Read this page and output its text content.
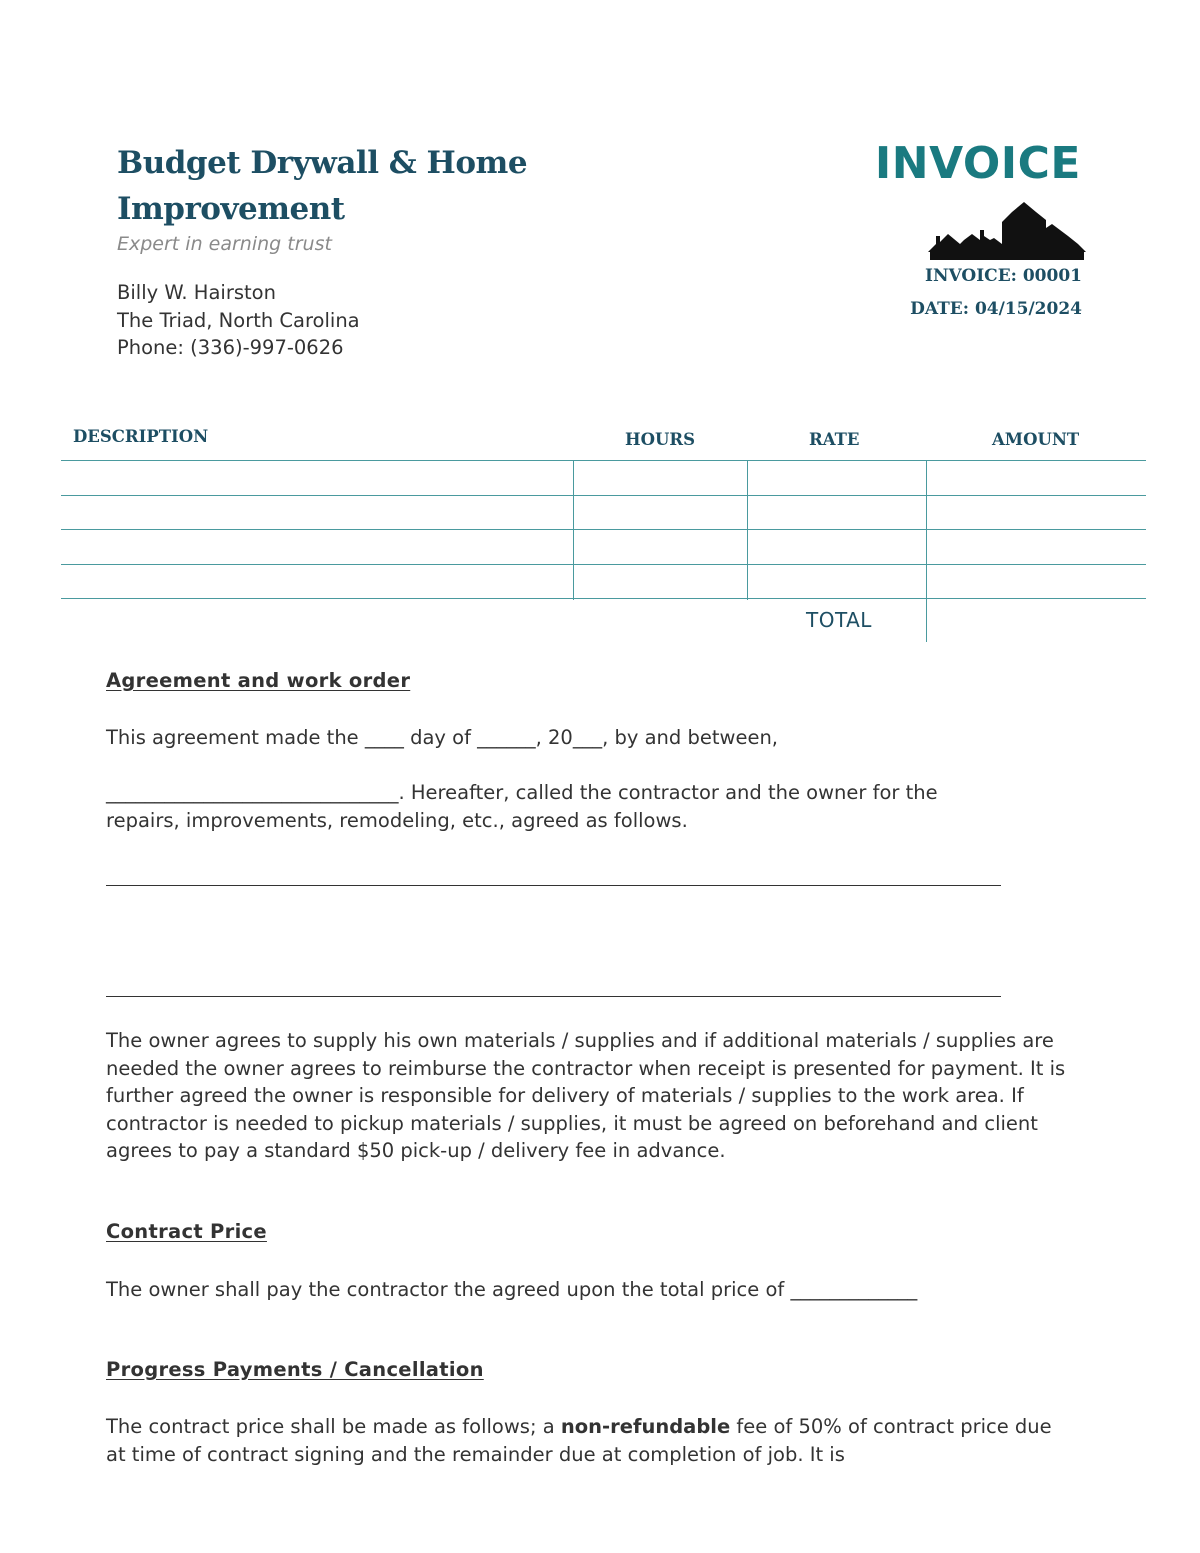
Budget Drywall & Home Improvement
Expert in earning trust
Billy W. Hairston
The Triad, North Carolina
Phone: (336)-997-0626
INVOICE
INVOICE: 00001
DATE: 04/15/2024
DESCRIPTION	HOURS	RATE	AMOUNT
TOTAL
Agreement and work order
This agreement made the ____ day of ______, 20___, by and between,
______________________________. Hereafter, called the contractor and the owner for the
repairs, improvements, remodeling, etc., agreed as follows.
The owner agrees to supply his own materials / supplies and if additional materials / supplies are needed the owner agrees to reimburse the contractor when receipt is presented for payment. It is further agreed the owner is responsible for delivery of materials / supplies to the work area. If contractor is needed to pickup materials / supplies, it must be agreed on beforehand and client agrees to pay a standard $50 pick-up / delivery fee in advance.
Contract Price
The owner shall pay the contractor the agreed upon the total price of _____________
Progress Payments / Cancellation
The contract price shall be made as follows; a non-refundable fee of 50% of contract price due at time of contract signing and the remainder due at completion of job. It is
